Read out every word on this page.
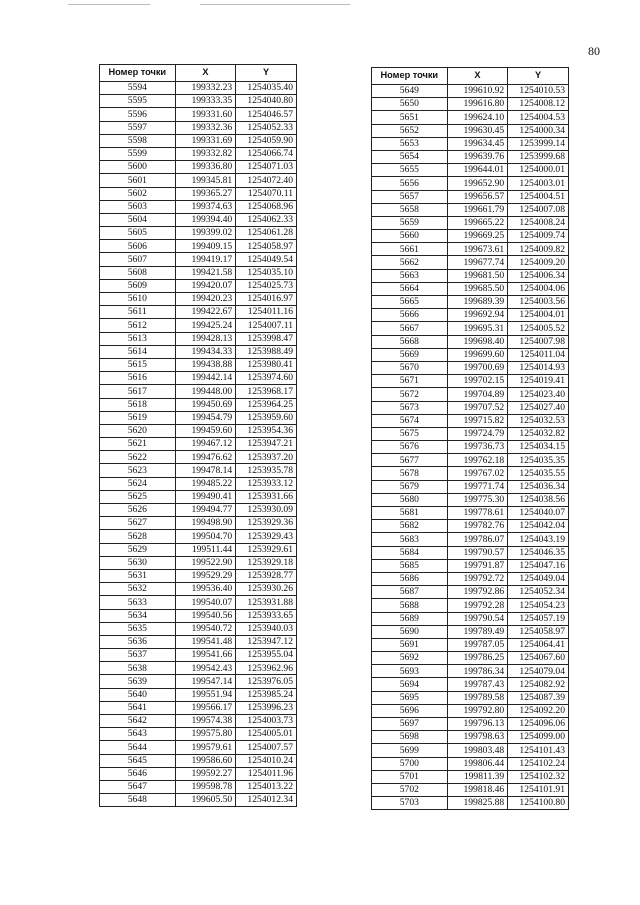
80
Номер точки	X	Y
5594	199332.23	1254035.40
5595	199333.35	1254040.80
5596	199331.60	1254046.57
5597	199332.36	1254052.33
5598	199331.69	1254059.90
5599	199332.82	1254066.74
5600	199336.80	1254071.03
5601	199345.81	1254072.40
5602	199365.27	1254070.11
5603	199374.63	1254068.96
5604	199394.40	1254062.33
5605	199399.02	1254061.28
5606	199409.15	1254058.97
5607	199419.17	1254049.54
5608	199421.58	1254035.10
5609	199420.07	1254025.73
5610	199420.23	1254016.97
5611	199422.67	1254011.16
5612	199425.24	1254007.11
5613	199428.13	1253998.47
5614	199434.33	1253988.49
5615	199438.88	1253980.41
5616	199442.14	1253974.60
5617	199448.00	1253968.17
5618	199450.69	1253964.25
5619	199454.79	1253959.60
5620	199459.60	1253954.36
5621	199467.12	1253947.21
5622	199476.62	1253937.20
5623	199478.14	1253935.78
5624	199485.22	1253933.12
5625	199490.41	1253931.66
5626	199494.77	1253930.09
5627	199498.90	1253929.36
5628	199504.70	1253929.43
5629	199511.44	1253929.61
5630	199522.90	1253929.18
5631	199529.29	1253928.77
5632	199536.40	1253930.26
5633	199540.07	1253931.88
5634	199540.56	1253933.65
5635	199540.72	1253940.03
5636	199541.48	1253947.12
5637	199541.66	1253955.04
5638	199542.43	1253962.96
5639	199547.14	1253976.05
5640	199551.94	1253985.24
5641	199566.17	1253996.23
5642	199574.38	1254003.73
5643	199575.80	1254005.01
5644	199579.61	1254007.57
5645	199586.60	1254010.24
5646	199592.27	1254011.96
5647	199598.78	1254013.22
5648	199605.50	1254012.34
Номер точки	X	Y
5649	199610.92	1254010.53
5650	199616.80	1254008.12
5651	199624.10	1254004.53
5652	199630.45	1254000.34
5653	199634.45	1253999.14
5654	199639.76	1253999.68
5655	199644.01	1254000.01
5656	199652.90	1254003.01
5657	199656.57	1254004.51
5658	199661.79	1254007.08
5659	199665.22	1254008.24
5660	199669.25	1254009.74
5661	199673.61	1254009.82
5662	199677.74	1254009.20
5663	199681.50	1254006.34
5664	199685.50	1254004.06
5665	199689.39	1254003.56
5666	199692.94	1254004.01
5667	199695.31	1254005.52
5668	199698.40	1254007.98
5669	199699.60	1254011.04
5670	199700.69	1254014.93
5671	199702.15	1254019.41
5672	199704.89	1254023.40
5673	199707.52	1254027.40
5674	199715.82	1254032.53
5675	199724.79	1254032.82
5676	199736.73	1254034.15
5677	199762.18	1254035.35
5678	199767.02	1254035.55
5679	199771.74	1254036.34
5680	199775.30	1254038.56
5681	199778.61	1254040.07
5682	199782.76	1254042.04
5683	199786.07	1254043.19
5684	199790.57	1254046.35
5685	199791.87	1254047.16
5686	199792.72	1254049.04
5687	199792.86	1254052.34
5688	199792.28	1254054.23
5689	199790.54	1254057.19
5690	199789.49	1254058.97
5691	199787.05	1254064.41
5692	199786.25	1254067.60
5693	199786.34	1254079.04
5694	199787.43	1254082.92
5695	199789.58	1254087.39
5696	199792.80	1254092.20
5697	199796.13	1254096.06
5698	199798.63	1254099.00
5699	199803.48	1254101.43
5700	199806.44	1254102.24
5701	199811.39	1254102.32
5702	199818.46	1254101.91
5703	199825.88	1254100.80
